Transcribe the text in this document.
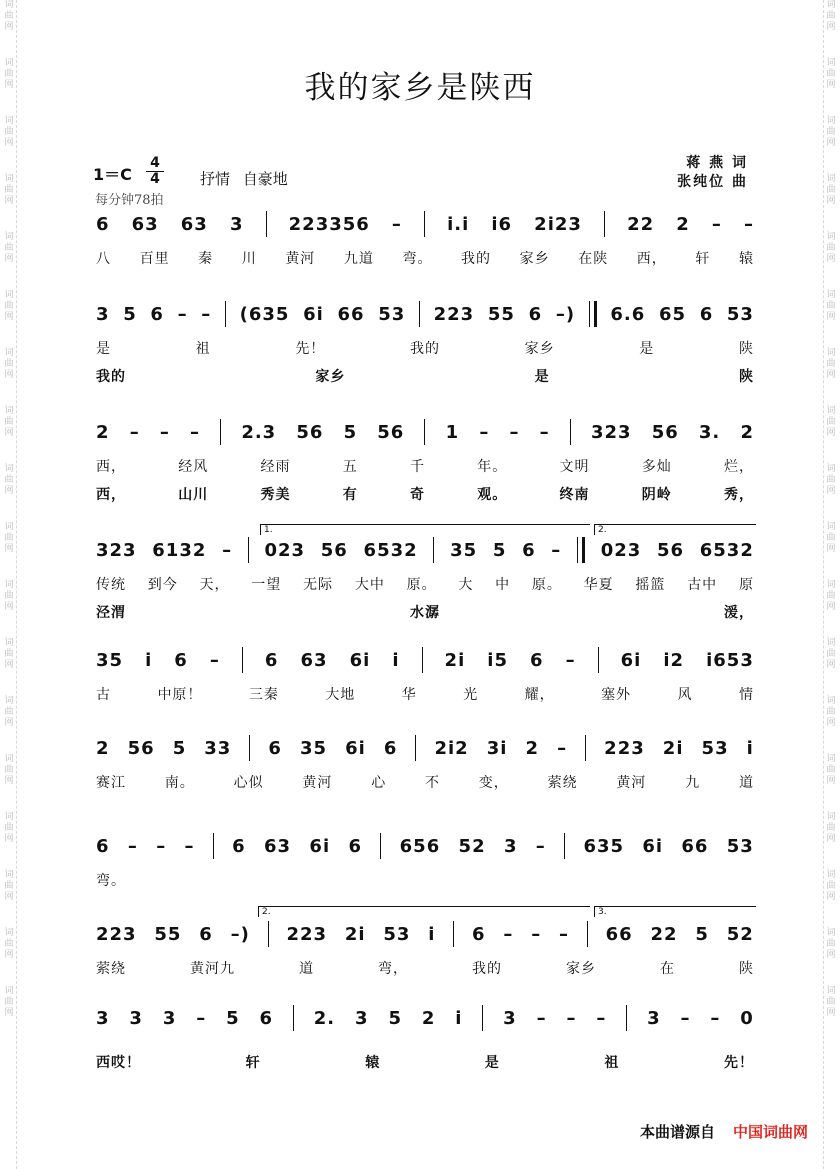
词
曲
网
词
曲
网
词
曲
网
词
曲
网
词
曲
网
词
曲
网
词
曲
网
词
曲
网
词
曲
网
词
曲
网
词
曲
网
词
曲
网
词
曲
网
词
曲
网
词
曲
网
词
曲
网
词
曲
网
词
曲
网
词
曲
网
词
曲
网
词
曲
网
词
曲
网
词
曲
网
词
曲
网
词
曲
网
词
曲
网
词
曲
网
词
曲
网
词
曲
网
词
曲
网
词
曲
网
词
曲
网
词
曲
网
词
曲
网
词
曲
网
词
曲
网
我的家乡是陕西
1＝C
4
4	抒情 自豪地
每分钟78拍
蒋 燕 词
张纯位 曲
6 63 63 3	223356 –	i.i i6 2i23	22 2 – –
八 百里 秦 川 黄河 九道 弯。 我的 家乡 在陕 西， 轩 辕
3 5 6 – – (635 6i 66 53 223 55 6 –) 6.6 65 6 53
是	祖	先！	我的	家乡	是	陕
我的	家乡	是	陕
2 – – – 2.3 56 5 56 1 – – – 323 56 3. 2
西，	经风	经雨	五	千	年。	文明	多灿	烂，
西，	山川	秀美	有	奇	观。	终南	阴岭	秀，
323 6132 – 023 56 6532 35 5 6 – 023 56 6532
传统 到今 天， 一望 无际 大中 原。 大 中 原。 华夏 摇篮 古中 原
泾渭	水潺	湲，
35 i 6 –	6 63 6i i	2i i5 6 –	6i i2 i653
古	中原！	三秦	大地	华	光	耀，	塞外	风	情
2 56 5 33 6 35 6i 6 2i2 3i 2 – 223 2i 53 i
赛江	南。	心似	黄河	心	不	变，	萦绕	黄河	九	道
6 – – – 6 63 6i 6 656 52 3 – 635 6i 66 53
弯。
223 55 6 –) 223 2i 53 i 6 – – – 66 22 5 52
萦绕	黄河九	道	弯，	我的	家乡	在	陕
3 3 3 – 5 6 2. 3 5 2 i 3 – – – 3 – – 0
西哎！	轩	辕	是	祖	先！
本曲谱源自 中国词曲网
1.	2.
2.	3.
